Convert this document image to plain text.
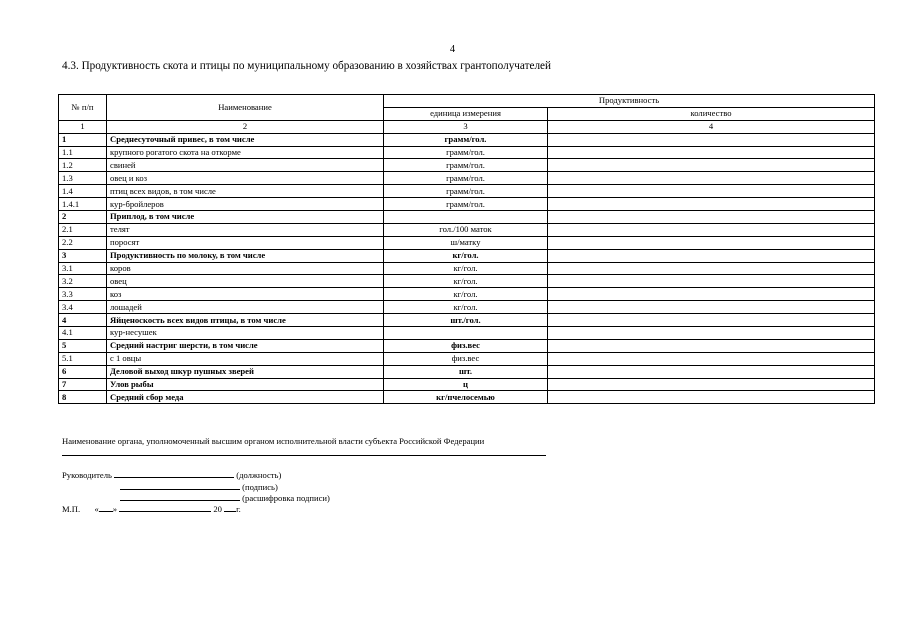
4
4.3. Продуктивность скота и птицы по муниципальному образованию в хозяйствах грантополучателей
№ п/п	Наименование	Продуктивность	
		единица измерения	количество
1	2	3	4
1	Среднесуточный привес, в том числе	грамм/гол.	
1.1	крупного рогатого скота на откорме	грамм/гол.	
1.2	свиней	грамм/гол.	
1.3	овец и коз	грамм/гол.	
1.4	птиц всех видов, в том числе	грамм/гол.	
1.4.1	кур-бройлеров	грамм/гол.	
2	Приплод, в том числе		
2.1	телят	гол./100 маток	
2.2	поросят	ш/матку	
3	Продуктивность по молоку, в том числе	кг/гол.	
3.1	коров	кг/гол.	
3.2	овец	кг/гол.	
3.3	коз	кг/гол.	
3.4	лошадей	кг/гол.	
4	Яйценоскость всех видов птицы, в том числе	шт./гол.	
4.1	кур-несушек		
5	Средний настриг шерсти, в том числе	физ.вес	
5.1	с 1 овцы	физ.вес	
6	Деловой выход шкур пушных зверей	шт.	
7	Улов рыбы	ц	
8	Средний сбор меда	кг/пчелосемью	
Наименование органа, уполномоченный высшим органом исполнительной власти субъекта Российской Федерации
Руководитель	(должность)
(подпись)
(расшифровка подписи)
М.П. « »	20 г.
